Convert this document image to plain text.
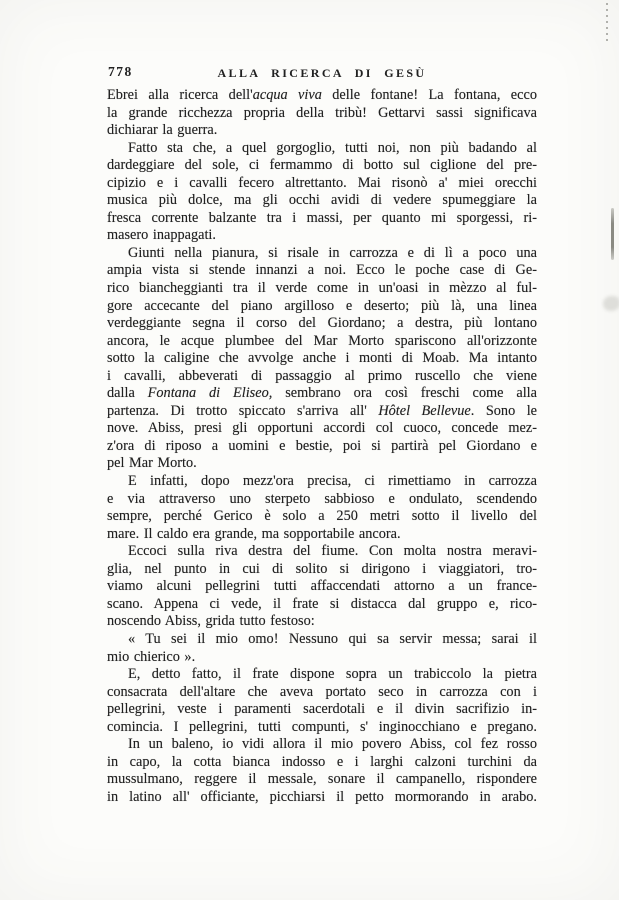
778	ALLA RICERCA DI GESÙ
Ebrei alla ricerca dell'acqua viva delle fontane! La fontana, ecco
la grande ricchezza propria della tribù! Gettarvi sassi significava
dichiarar la guerra.
Fatto sta che, a quel gorgoglio, tutti noi, non più badando al
dardeggiare del sole, ci fermammo di botto sul ciglione del pre-
cipizio e i cavalli fecero altrettanto. Mai risonò a' miei orecchi
musica più dolce, ma gli occhi avidi di vedere spumeggiare la
fresca corrente balzante tra i massi, per quanto mi sporgessi, ri-
masero inappagati.
Giunti nella pianura, si risale in carrozza e di lì a poco una
ampia vista si stende innanzi a noi. Ecco le poche case di Ge-
rico biancheggianti tra il verde come in un'oasi in mèzzo al ful-
gore accecante del piano argilloso e deserto; più là, una linea
verdeggiante segna il corso del Giordano; a destra, più lontano
ancora, le acque plumbee del Mar Morto spariscono all'orizzonte
sotto la caligine che avvolge anche i monti di Moab. Ma intanto
i cavalli, abbeverati di passaggio al primo ruscello che viene
dalla Fontana di Eliseo, sembrano ora così freschi come alla
partenza. Di trotto spiccato s'arriva all' Hôtel Bellevue. Sono le
nove. Abiss, presi gli opportuni accordi col cuoco, concede mez-
z'ora di riposo a uomini e bestie, poi si partirà pel Giordano e
pel Mar Morto.
E infatti, dopo mezz'ora precisa, ci rimettiamo in carrozza
e via attraverso uno sterpeto sabbioso e ondulato, scendendo
sempre, perché Gerico è solo a 250 metri sotto il livello del
mare. Il caldo era grande, ma sopportabile ancora.
Eccoci sulla riva destra del fiume. Con molta nostra meravi-
glia, nel punto in cui di solito si dirigono i viaggiatori, tro-
viamo alcuni pellegrini tutti affaccendati attorno a un france-
scano. Appena ci vede, il frate si distacca dal gruppo e, rico-
noscendo Abiss, grida tutto festoso:
« Tu sei il mio omo! Nessuno qui sa servir messa; sarai il
mio chierico ».
E, detto fatto, il frate dispone sopra un trabiccolo la pietra
consacrata dell'altare che aveva portato seco in carrozza con i
pellegrini, veste i paramenti sacerdotali e il divin sacrifizio in-
comincia. I pellegrini, tutti compunti, s' inginocchiano e pregano.
In un baleno, io vidi allora il mio povero Abiss, col fez rosso
in capo, la cotta bianca indosso e i larghi calzoni turchini da
mussulmano, reggere il messale, sonare il campanello, rispondere
in latino all' officiante, picchiarsi il petto mormorando in arabo.
